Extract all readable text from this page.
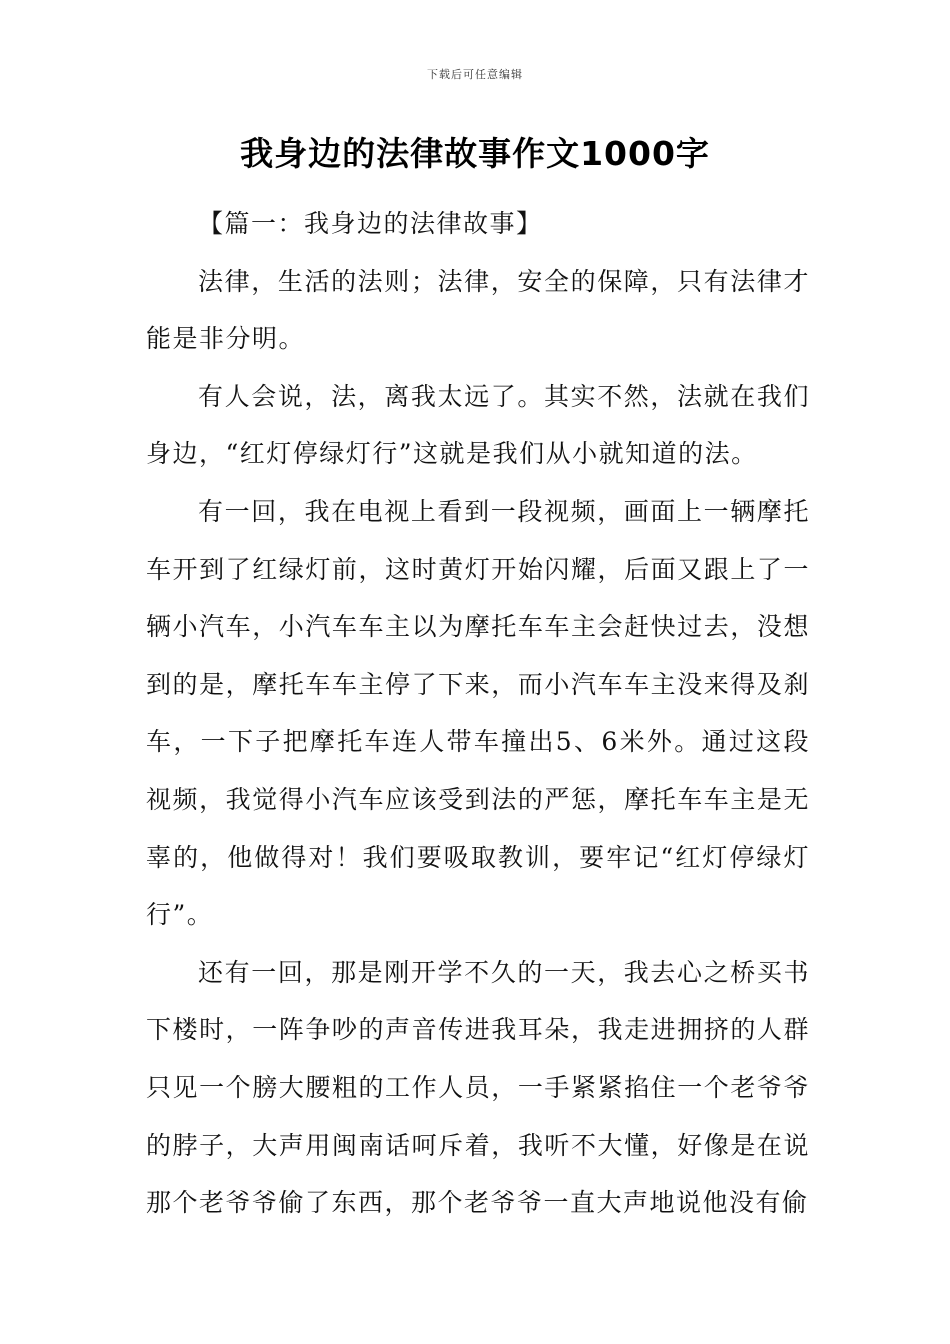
下载后可任意编辑
我身边的法律故事作文1000字

【篇一：我身边的法律故事】

法律，生活的法则；法律，安全的保障，只有法律才能是非分明。

有人会说，法，离我太远了。其实不然，法就在我们身边，“红灯停绿灯行”这就是我们从小就知道的法。

有一回，我在电视上看到一段视频，画面上一辆摩托车开到了红绿灯前，这时黄灯开始闪耀，后面又跟上了一辆小汽车，小汽车车主以为摩托车车主会赶快过去，没想到的是，摩托车车主停了下来，而小汽车车主没来得及刹车，一下子把摩托车连人带车撞出5、6米外。通过这段视频，我觉得小汽车应该受到法的严惩，摩托车车主是无辜的，他做得对！我们要吸取教训，要牢记“红灯停绿灯行”。

还有一回，那是刚开学不久的一天，我去心之桥买书下楼时，一阵争吵的声音传进我耳朵，我走进拥挤的人群只见一个膀大腰粗的工作人员，一手紧紧掐住一个老爷爷的脖子，大声用闽南话呵斥着，我听不大懂，好像是在说那个老爷爷偷了东西，那个老爷爷一直大声地说他没有偷
